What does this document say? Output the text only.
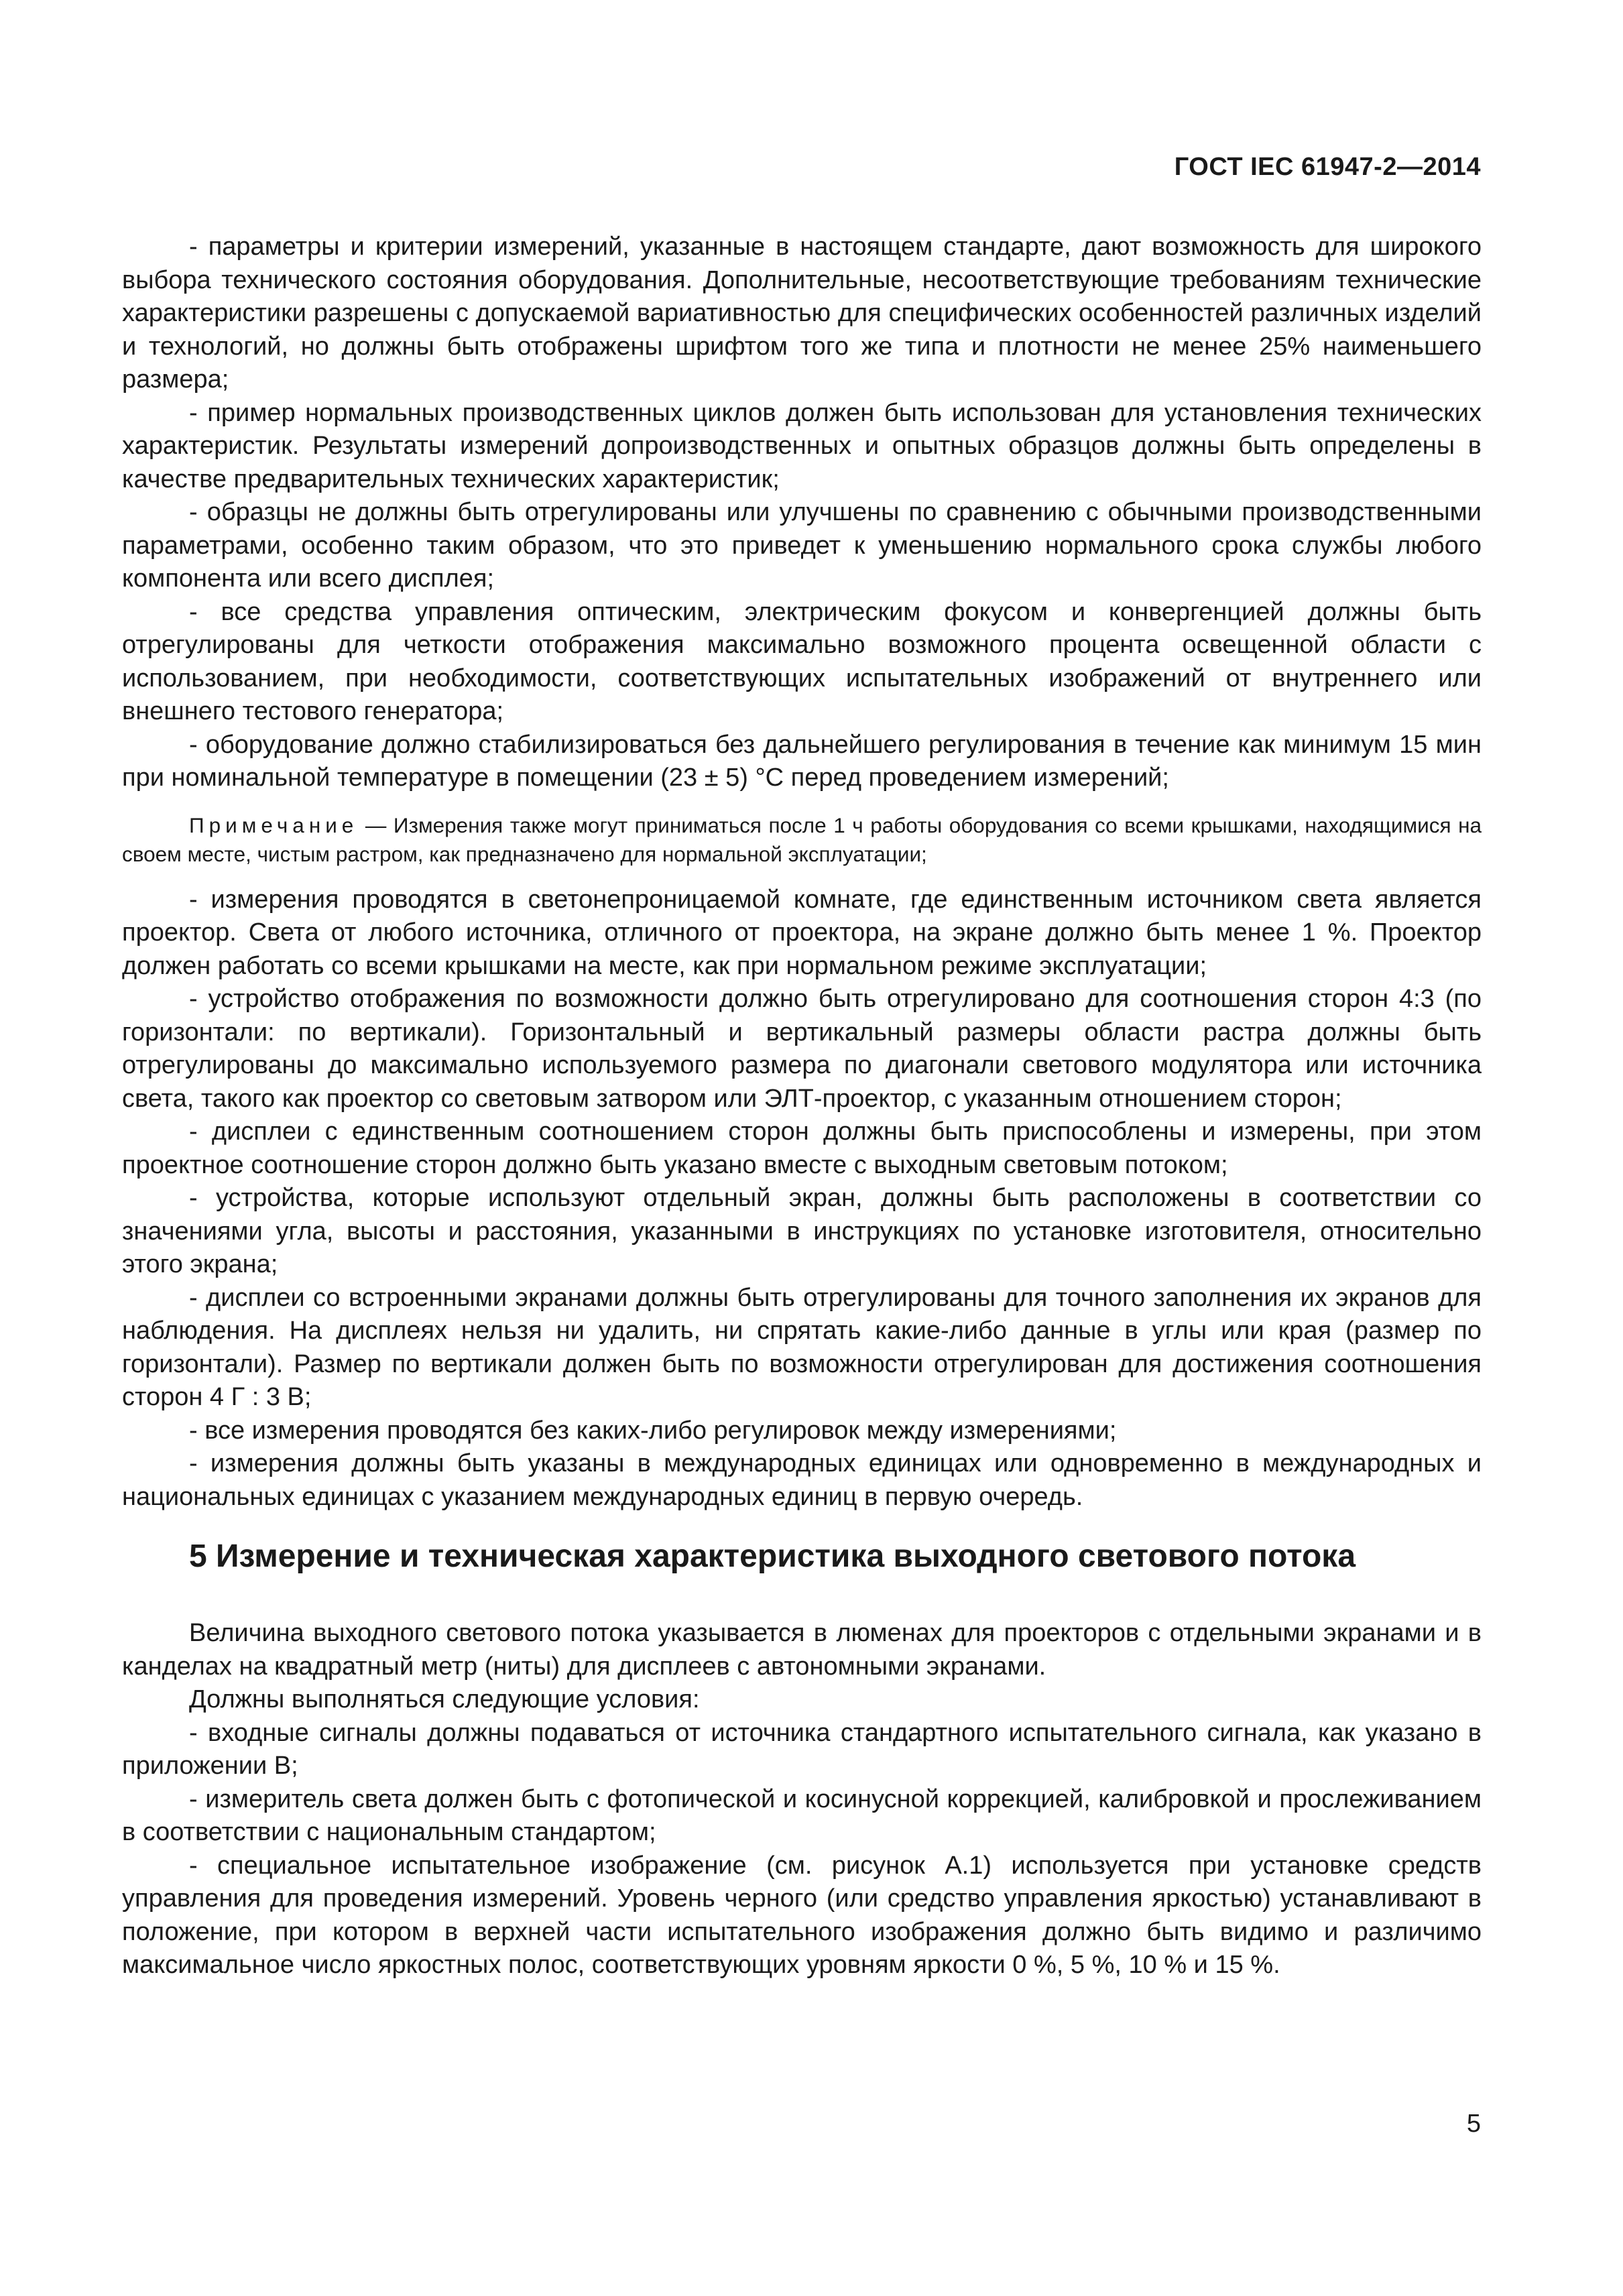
ГОСТ IEC 61947-2—2014

- параметры и критерии измерений, указанные в настоящем стандарте, дают возможность для широкого выбора технического состояния оборудования. Дополнительные, несоответствующие требованиям технические характеристики разрешены с допускаемой вариативностью для специфических особенностей различных изделий и технологий, но должны быть отображены шрифтом того же типа и плотности не менее 25% наименьшего размера;

- пример нормальных производственных циклов должен быть использован для установления технических характеристик. Результаты измерений допроизводственных и опытных образцов должны быть определены в качестве предварительных технических характеристик;

- образцы не должны быть отрегулированы или улучшены по сравнению с обычными производственными параметрами, особенно таким образом, что это приведет к уменьшению нормального срока службы любого компонента или всего дисплея;

- все средства управления оптическим, электрическим фокусом и конвергенцией должны быть отрегулированы для четкости отображения максимально возможного процента освещенной области с использованием, при необходимости, соответствующих испытательных изображений от внутреннего или внешнего тестового генератора;

- оборудование должно стабилизироваться без дальнейшего регулирования в течение как минимум 15 мин при номинальной температуре в помещении (23 ± 5) °С перед проведением измерений;

Примечание — Измерения также могут приниматься после 1 ч работы оборудования со всеми крышками, находящимися на своем месте, чистым растром, как предназначено для нормальной эксплуатации;

- измерения проводятся в светонепроницаемой комнате, где единственным источником света является проектор. Света от любого источника, отличного от проектора, на экране должно быть менее 1 %. Проектор должен работать со всеми крышками на месте, как при нормальном режиме эксплуатации;

- устройство отображения по возможности должно быть отрегулировано для соотношения сторон 4:3 (по горизонтали: по вертикали). Горизонтальный и вертикальный размеры области растра должны быть отрегулированы до максимально используемого размера по диагонали светового модулятора или источника света, такого как проектор со световым затвором или ЭЛТ-проектор, с указанным отношением сторон;

- дисплеи с единственным соотношением сторон должны быть приспособлены и измерены, при этом проектное соотношение сторон должно быть указано вместе с выходным световым потоком;

- устройства, которые используют отдельный экран, должны быть расположены в соответствии со значениями угла, высоты и расстояния, указанными в инструкциях по установке изготовителя, относительно этого экрана;

- дисплеи со встроенными экранами должны быть отрегулированы для точного заполнения их экранов для наблюдения. На дисплеях нельзя ни удалить, ни спрятать какие-либо данные в углы или края (размер по горизонтали). Размер по вертикали должен быть по возможности отрегулирован для достижения соотношения сторон 4 Г : 3 В;

- все измерения проводятся без каких-либо регулировок между измерениями;

- измерения должны быть указаны в международных единицах или одновременно в международных и национальных единицах с указанием международных единиц в первую очередь.

5 Измерение и техническая характеристика выходного светового потока

Величина выходного светового потока указывается в люменах для проекторов с отдельными экранами и в канделах на квадратный метр (ниты) для дисплеев с автономными экранами.

Должны выполняться следующие условия:

- входные сигналы должны подаваться от источника стандартного испытательного сигнала, как указано в приложении В;

- измеритель света должен быть с фотопической и косинусной коррекцией, калибровкой и прослеживанием в соответствии с национальным стандартом;

- специальное испытательное изображение (см. рисунок А.1) используется при установке средств управления для проведения измерений. Уровень черного (или средство управления яркостью) устанавливают в положение, при котором в верхней части испытательного изображения должно быть видимо и различимо максимальное число яркостных полос, соответствующих уровням яркости 0 %, 5 %, 10 % и 15 %.

5
